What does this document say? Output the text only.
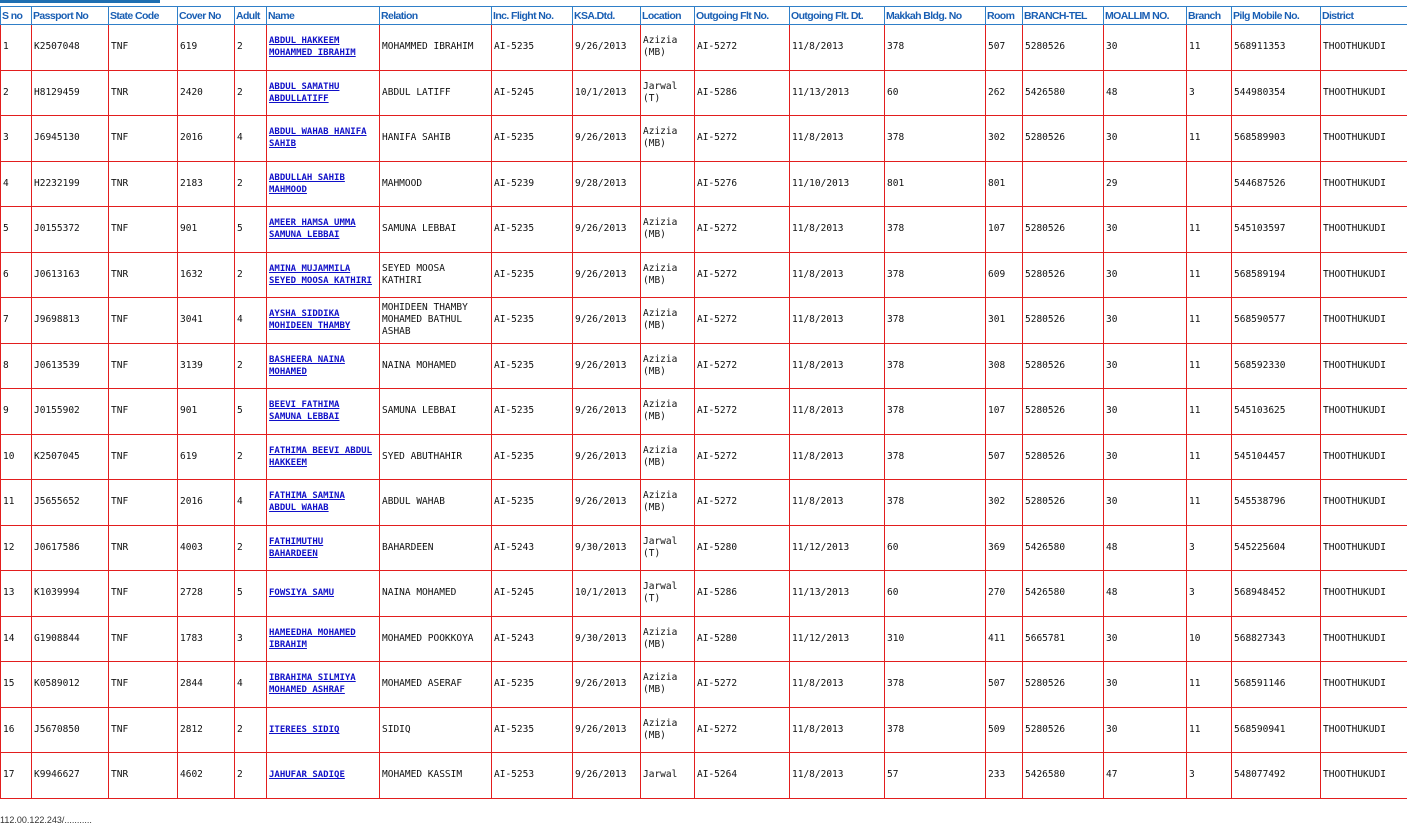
S no	Passport No	State Code	Cover No	Adult	Name	Relation	Inc. Flight No.	KSA.Dtd.	Location	Outgoing Flt No.	Outgoing Flt. Dt.	Makkah Bldg. No	Room	BRANCH-TEL	MOALLIM NO.	Branch	Pilg Mobile No.	District
1	K2507048	TNF	619	2	ABDUL HAKKEEM MOHAMMED IBRAHIM	MOHAMMED IBRAHIM	AI-5235	9/26/2013	Azizia (MB)	AI-5272	11/8/2013	378	507	5280526	30	11	568911353	THOOTHUKUDI
2	H8129459	TNR	2420	2	ABDUL SAMATHU ABDULLATIFF	ABDUL LATIFF	AI-5245	10/1/2013	Jarwal (T)	AI-5286	11/13/2013	60	262	5426580	48	3	544980354	THOOTHUKUDI
3	J6945130	TNF	2016	4	ABDUL WAHAB HANIFA SAHIB	HANIFA SAHIB	AI-5235	9/26/2013	Azizia (MB)	AI-5272	11/8/2013	378	302	5280526	30	11	568589903	THOOTHUKUDI
4	H2232199	TNR	2183	2	ABDULLAH SAHIB MAHMOOD	MAHMOOD	AI-5239	9/28/2013		AI-5276	11/10/2013	801	801		29		544687526	THOOTHUKUDI
5	J0155372	TNF	901	5	AMEER HAMSA UMMA SAMUNA LEBBAI	SAMUNA LEBBAI	AI-5235	9/26/2013	Azizia (MB)	AI-5272	11/8/2013	378	107	5280526	30	11	545103597	THOOTHUKUDI
6	J0613163	TNR	1632	2	AMINA MUJAMMILA SEYED MOOSA KATHIRI	SEYED MOOSA KATHIRI	AI-5235	9/26/2013	Azizia (MB)	AI-5272	11/8/2013	378	609	5280526	30	11	568589194	THOOTHUKUDI
7	J9698813	TNF	3041	4	AYSHA SIDDIKA MOHIDEEN THAMBY	MOHIDEEN THAMBY MOHAMED BATHUL ASHAB	AI-5235	9/26/2013	Azizia (MB)	AI-5272	11/8/2013	378	301	5280526	30	11	568590577	THOOTHUKUDI
8	J0613539	TNF	3139	2	BASHEERA NAINA MOHAMED	NAINA MOHAMED	AI-5235	9/26/2013	Azizia (MB)	AI-5272	11/8/2013	378	308	5280526	30	11	568592330	THOOTHUKUDI
9	J0155902	TNF	901	5	BEEVI FATHIMA SAMUNA LEBBAI	SAMUNA LEBBAI	AI-5235	9/26/2013	Azizia (MB)	AI-5272	11/8/2013	378	107	5280526	30	11	545103625	THOOTHUKUDI
10	K2507045	TNF	619	2	FATHIMA BEEVI ABDUL HAKKEEM	SYED ABUTHAHIR	AI-5235	9/26/2013	Azizia (MB)	AI-5272	11/8/2013	378	507	5280526	30	11	545104457	THOOTHUKUDI
11	J5655652	TNF	2016	4	FATHIMA SAMINA ABDUL WAHAB	ABDUL WAHAB	AI-5235	9/26/2013	Azizia (MB)	AI-5272	11/8/2013	378	302	5280526	30	11	545538796	THOOTHUKUDI
12	J0617586	TNR	4003	2	FATHIMUTHU BAHARDEEN	BAHARDEEN	AI-5243	9/30/2013	Jarwal (T)	AI-5280	11/12/2013	60	369	5426580	48	3	545225604	THOOTHUKUDI
13	K1039994	TNF	2728	5	FOWSIYA SAMU	NAINA MOHAMED	AI-5245	10/1/2013	Jarwal (T)	AI-5286	11/13/2013	60	270	5426580	48	3	568948452	THOOTHUKUDI
14	G1908844	TNF	1783	3	HAMEEDHA MOHAMED IBRAHIM	MOHAMED POOKKOYA	AI-5243	9/30/2013	Azizia (MB)	AI-5280	11/12/2013	310	411	5665781	30	10	568827343	THOOTHUKUDI
15	K0589012	TNF	2844	4	IBRAHIMA SILMIYA MOHAMED ASHRAF	MOHAMED ASERAF	AI-5235	9/26/2013	Azizia (MB)	AI-5272	11/8/2013	378	507	5280526	30	11	568591146	THOOTHUKUDI
16	J5670850	TNF	2812	2	ITEREES SIDIQ	SIDIQ	AI-5235	9/26/2013	Azizia (MB)	AI-5272	11/8/2013	378	509	5280526	30	11	568590941	THOOTHUKUDI
17	K9946627	TNR	4602	2	JAHUFAR SADIQE	MOHAMED KASSIM	AI-5253	9/26/2013	Jarwal	AI-5264	11/8/2013	57	233	5426580	47	3	548077492	THOOTHUKUDI
112.00.122.243/...........
